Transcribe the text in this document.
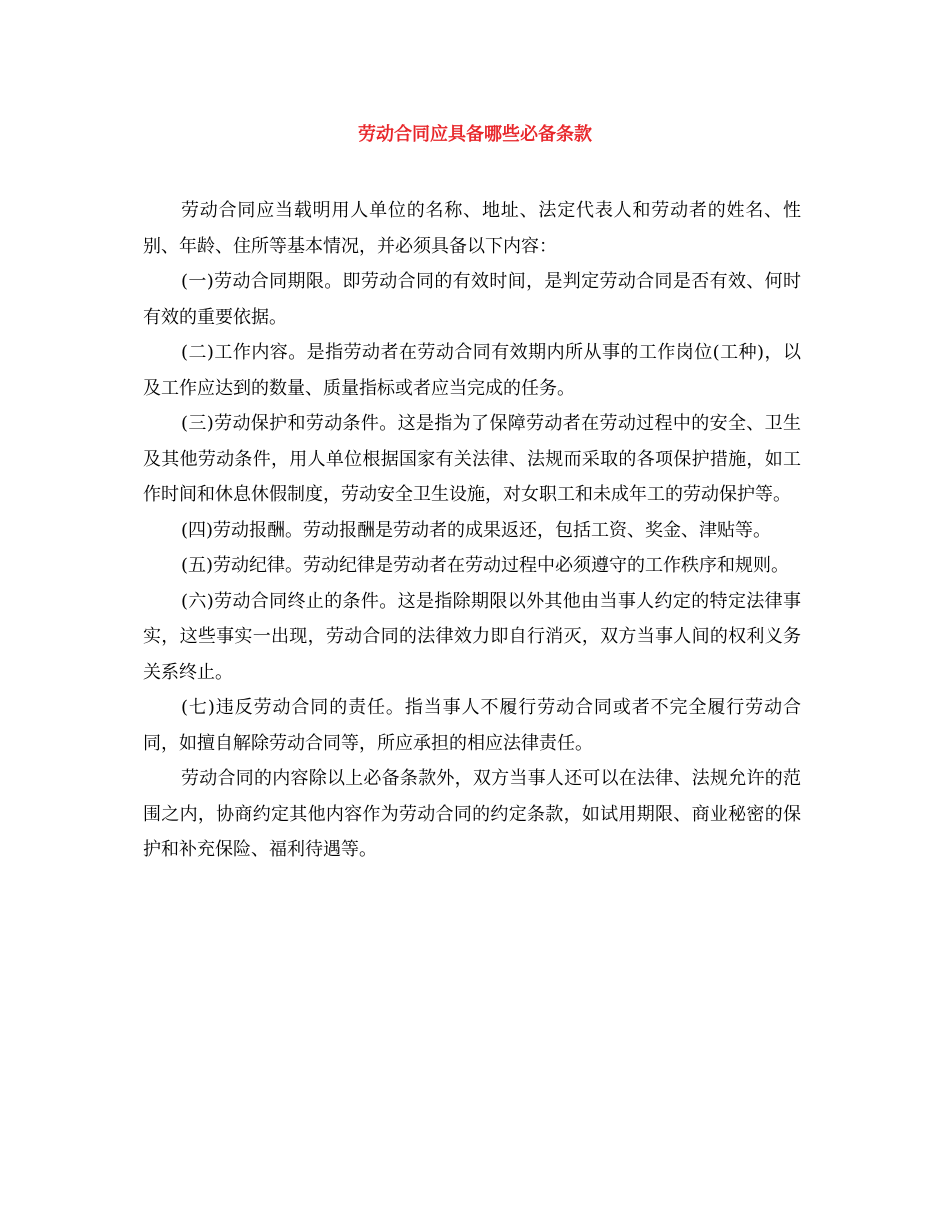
劳动合同应具备哪些必备条款

劳动合同应当载明用人单位的名称、地址、法定代表人和劳动者的姓名、性别、年龄、住所等基本情况，并必须具备以下内容：

(一)劳动合同期限。即劳动合同的有效时间，是判定劳动合同是否有效、何时有效的重要依据。

(二)工作内容。是指劳动者在劳动合同有效期内所从事的工作岗位(工种)，以及工作应达到的数量、质量指标或者应当完成的任务。

(三)劳动保护和劳动条件。这是指为了保障劳动者在劳动过程中的安全、卫生及其他劳动条件，用人单位根据国家有关法律、法规而采取的各项保护措施，如工作时间和休息休假制度，劳动安全卫生设施，对女职工和未成年工的劳动保护等。

(四)劳动报酬。劳动报酬是劳动者的成果返还，包括工资、奖金、津贴等。

(五)劳动纪律。劳动纪律是劳动者在劳动过程中必须遵守的工作秩序和规则。

(六)劳动合同终止的条件。这是指除期限以外其他由当事人约定的特定法律事实，这些事实一出现，劳动合同的法律效力即自行消灭，双方当事人间的权利义务关系终止。

(七)违反劳动合同的责任。指当事人不履行劳动合同或者不完全履行劳动合同，如擅自解除劳动合同等，所应承担的相应法律责任。

劳动合同的内容除以上必备条款外，双方当事人还可以在法律、法规允许的范围之内，协商约定其他内容作为劳动合同的约定条款，如试用期限、商业秘密的保护和补充保险、福利待遇等。
